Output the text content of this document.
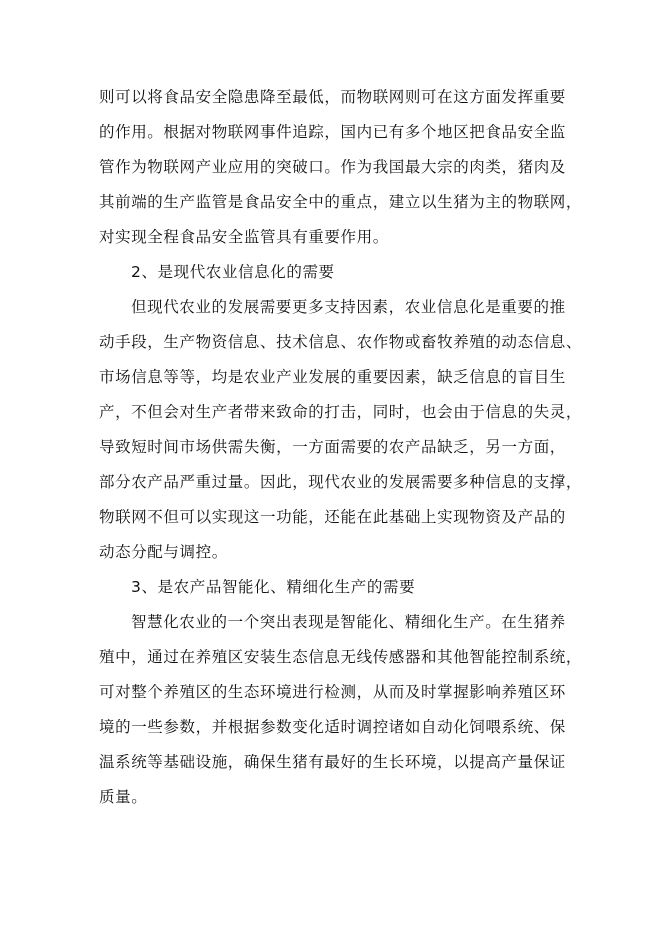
则可以将食品安全隐患降至最低，而物联网则可在这方面发挥重要
的作用。根据对物联网事件追踪，国内已有多个地区把食品安全监
管作为物联网产业应用的突破口。作为我国最大宗的肉类，猪肉及
其前端的生产监管是食品安全中的重点，建立以生猪为主的物联网，
对实现全程食品安全监管具有重要作用。
2、是现代农业信息化的需要
但现代农业的发展需要更多支持因素，农业信息化是重要的推
动手段，生产物资信息、技术信息、农作物或畜牧养殖的动态信息、
市场信息等等，均是农业产业发展的重要因素，缺乏信息的盲目生
产，不但会对生产者带来致命的打击，同时，也会由于信息的失灵，
导致短时间市场供需失衡，一方面需要的农产品缺乏，另一方面，
部分农产品严重过量。因此，现代农业的发展需要多种信息的支撑，
物联网不但可以实现这一功能，还能在此基础上实现物资及产品的
动态分配与调控。
3、是农产品智能化、精细化生产的需要
智慧化农业的一个突出表现是智能化、精细化生产。在生猪养
殖中，通过在养殖区安装生态信息无线传感器和其他智能控制系统，
可对整个养殖区的生态环境进行检测，从而及时掌握影响养殖区环
境的一些参数，并根据参数变化适时调控诸如自动化饲喂系统、保
温系统等基础设施，确保生猪有最好的生长环境，以提高产量保证
质量。
